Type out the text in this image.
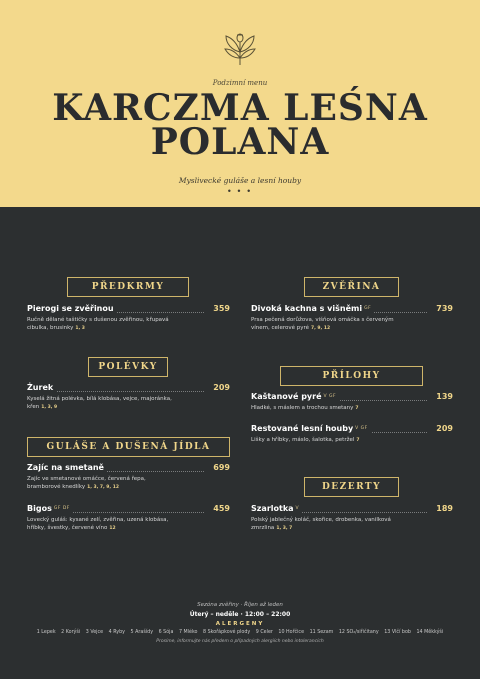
Podzimní menu
KARCZMA LEŚNA
POLANA
Myslivecké guláše a lesní houby
• • •
PŘEDKRMY
Pierogi se zvěřinou	359
Ručně dělané taštičky s dušenou zvěřinou, křupavá
cibulka, brusinky 1, 3
POLÉVKY
Żurek	209
Kyselá žitná polévka, bílá klobása, vejce, majoránka,
křen 1, 3, 9
GULÁŠE A DUŠENÁ JÍDLA
Zajíc na smetaně	699
Zajíc ve smetanové omáčce, červená řepa,
bramborové knedlíky 1, 3, 7, 9, 12
Bigos GF DF	459
Lovecký guláš: kysané zelí, zvěřina, uzená klobása,
hříbky, švestky, červené víno 12
ZVĚŘINA
Divoká kachna s višněmi GF	739
Prsa pečená dorůžova, višňová omáčka s červeným
vínem, celerové pyré 7, 9, 12
PŘÍLOHY
Kaštanové pyré V GF	139
Hladké, s máslem a trochou smetany 7
Restované lesní houby V GF	209
Lišky a hříbky, máslo, šalotka, petržel 7
DEZERTY
Szarlotka V	189
Polský jablečný koláč, skořice, drobenka, vanilková
zmrzlina 1, 3, 7
Sezóna zvěřiny · Říjen až leden
Úterý – neděle · 12:00 – 22:00
ALERGENY
1 Lepek 2 Korýši 3 Vejce 4 Ryby 5 Arašídy 6 Sója 7 Mléko 8 Skořápkové plody 9 Celer 10 Hořčice 11 Sezam 12 SO₂/siřičitany 13 Vlčí bob 14 Měkkýši
Prosíme, informujte nás předem o případných alergiích nebo intolerancích
